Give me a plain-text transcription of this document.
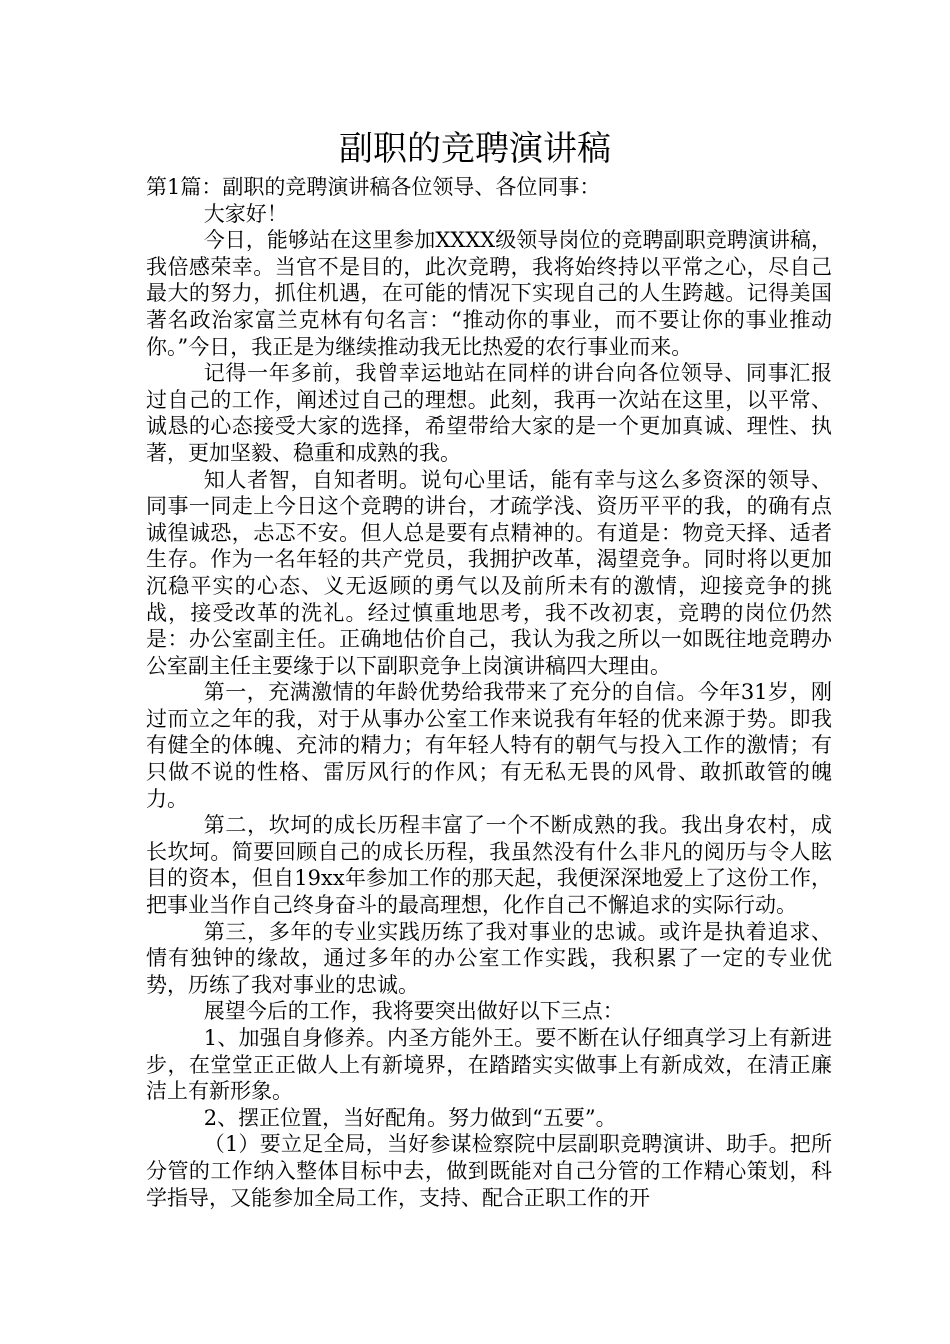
副职的竞聘演讲稿

第1篇：副职的竞聘演讲稿各位领导、各位同事：

大家好！

今日，能够站在这里参加XXXX级领导岗位的竞聘副职竞聘演讲稿，我倍感荣幸。当官不是目的，此次竞聘，我将始终持以平常之心，尽自己最大的努力，抓住机遇，在可能的情况下实现自己的人生跨越。记得美国著名政治家富兰克林有句名言：“推动你的事业，而不要让你的事业推动你。”今日，我正是为继续推动我无比热爱的农行事业而来。

记得一年多前，我曾幸运地站在同样的讲台向各位领导、同事汇报过自己的工作，阐述过自己的理想。此刻，我再一次站在这里，以平常、诚恳的心态接受大家的选择，希望带给大家的是一个更加真诚、理性、执著，更加坚毅、稳重和成熟的我。

知人者智，自知者明。说句心里话，能有幸与这么多资深的领导、同事一同走上今日这个竞聘的讲台，才疏学浅、资历平平的我，的确有点诚徨诚恐，忐忑不安。但人总是要有点精神的。有道是：物竞天择、适者生存。作为一名年轻的共产党员，我拥护改革，渴望竞争。同时将以更加沉稳平实的心态、义无返顾的勇气以及前所未有的激情，迎接竞争的挑战，接受改革的洗礼。经过慎重地思考，我不改初衷，竞聘的岗位仍然是：办公室副主任。正确地估价自己，我认为我之所以一如既往地竞聘办公室副主任主要缘于以下副职竞争上岗演讲稿四大理由。

第一，充满激情的年龄优势给我带来了充分的自信。今年31岁，刚过而立之年的我，对于从事办公室工作来说我有年轻的优来源于势。即我有健全的体魄、充沛的精力；有年轻人特有的朝气与投入工作的激情；有只做不说的性格、雷厉风行的作风；有无私无畏的风骨、敢抓敢管的魄力。

第二，坎坷的成长历程丰富了一个不断成熟的我。我出身农村，成长坎坷。简要回顾自己的成长历程，我虽然没有什么非凡的阅历与令人眩目的资本，但自19xx年参加工作的那天起，我便深深地爱上了这份工作，把事业当作自己终身奋斗的最高理想，化作自己不懈追求的实际行动。

第三，多年的专业实践历练了我对事业的忠诚。或许是执着追求、情有独钟的缘故，通过多年的办公室工作实践，我积累了一定的专业优势，历练了我对事业的忠诚。

展望今后的工作，我将要突出做好以下三点：

1、加强自身修养。内圣方能外王。要不断在认仔细真学习上有新进步，在堂堂正正做人上有新境界，在踏踏实实做事上有新成效，在清正廉洁上有新形象。

2、摆正位置，当好配角。努力做到“五要”。

（1）要立足全局，当好参谋检察院中层副职竞聘演讲、助手。把所分管的工作纳入整体目标中去，做到既能对自己分管的工作精心策划，科学指导，又能参加全局工作，支持、配合正职工作的开
